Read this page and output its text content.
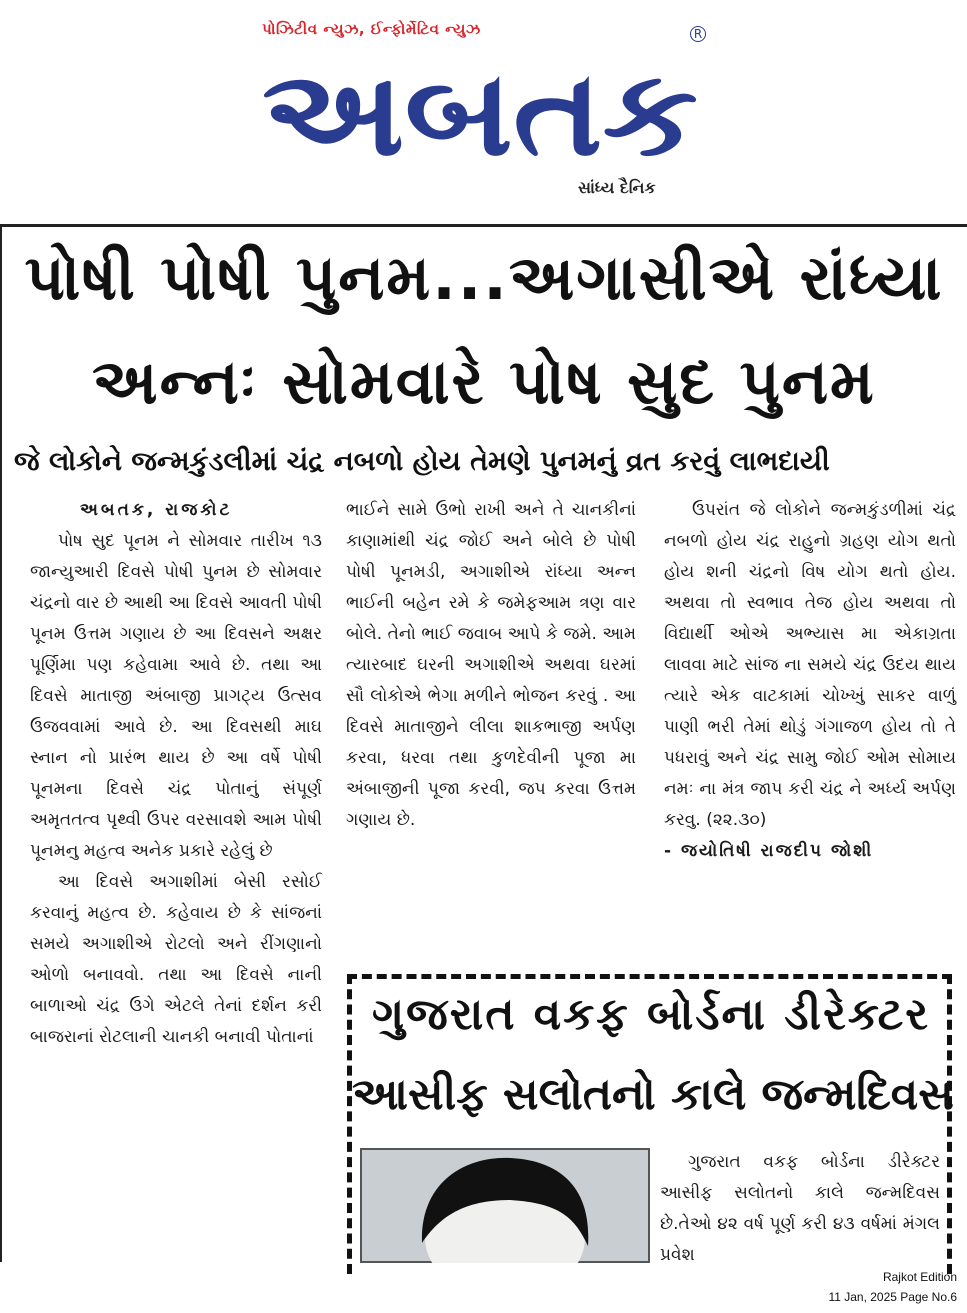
પોઝિટીવ ન્યુઝ, ઈન્ફોર્મેટિવ ન્યુઝ
અબતક
R
સાંધ્ય દૈનિક
પોષી પોષી પુનમ...અગાસીએ રાંધ્યા
અન્નઃ સોમવારે પોષ સુદ પુનમ
જે લોકોને જન્મકુંડલીમાં ચંદ્ર નબળો હોય તેમણે પુનમનું વ્રત કરવું લાભદાયી

અબતક, રાજકોટ

પોષ સુદ પૂનમ ને સોમવાર તારીખ ૧૩ જાન્યુઆરી દિવસે પોષી પુનમ છે સોમવાર ચંદ્રનો વાર છે આથી આ દિવસે આવતી પોષી પૂનમ ઉત્તમ ગણાય છે આ દિવસને અક્ષર પૂર્ણિમા પણ કહેવામા આવે છે. તથા આ દિવસે માતાજી અંબાજી પ્રાગટ્ય ઉત્સવ ઉજવવામાં આવે છે. આ દિવસથી માઘ સ્નાન નો પ્રારંભ થાય છે આ વર્ષે પોષી પૂનમના દિવસે ચંદ્ર પોતાનું સંપૂર્ણ અમૃતતત્વ પૃથ્વી ઉપર વરસાવશે આમ પોષી પૂનમનુ મહત્વ અનેક પ્રકારે રહેલું છે

આ દિવસે અગાશીમાં બેસી રસોઈ કરવાનું મહત્વ છે. કહેવાય છે કે સાંજનાં સમયે અગાશીએ રોટલો અને રીંગણાનો ઓળો બનાવવો. તથા આ દિવસે નાની બાળાઓ ચંદ્ર ઉગે એટલે તેનાં દર્શન કરી બાજરાનાં રોટલાની ચાનકી બનાવી પોતાનાં

ભાઈને સામે ઉભો રાખી અને તે ચાનકીનાં કાણામાંથી ચંદ્ર જોઈ અને બોલે છે પોષી પોષી પૂનમડી, અગાશીએ રાંધ્યા અન્ન ભાઈની બહેન રમે કે જમેફઆમ ત્રણ વાર બોલે. તેનો ભાઈ જવાબ આપે કે જમે. આમ ત્યારબાદ ઘરની અગાશીએ અથવા ઘરમાં સૌ લોકોએ ભેગા મળીને ભોજન કરવું . આ દિવસે માતાજીને લીલા શાકભાજી અર્પણ કરવા, ધરવા તથા કુળદેવીની પૂજા મા અંબાજીની પૂજા કરવી, જપ કરવા ઉત્તમ ગણાય છે.

ઉપરાંત જે લોકોને જન્મકુંડળીમાં ચંદ્ર નબળો હોય ચંદ્ર રાહુનો ગ્રહણ યોગ થતો હોય શની ચંદ્રનો વિષ યોગ થતો હોય. અથવા તો સ્વભાવ તેજ હોય અથવા તો વિદ્યાર્થી ઓએ અભ્યાસ મા એકાગ્રતા લાવવા માટે સાંજ ના સમયે ચંદ્ર ઉદય થાય ત્યારે એક વાટકામાં ચોખ્ખું સાકર વાળું પાણી ભરી તેમાં થોડું ગંગાજળ હોય તો તે પધરાવું અને ચંદ્ર સામુ જોઈ ઓમ સોમાય નમઃ ના મંત્ર જાપ કરી ચંદ્ર ને અર્ધ્ય અર્પણ કરવુ. (૨૨.૩૦)

- જયોતિષી રાજદીપ જોશી

ગુજરાત વકફ બોર્ડના ડીરેક્ટર
આસીફ સલોતનો કાલે જન્મદિવસ

ગુજરાત વકફ બોર્ડના ડીરેક્ટર આસીફ સલોતનો કાલે જન્મદિવસ છે.તેઓ ૪૨ વર્ષ પૂર્ણ કરી ૪૩ વર્ષમાં મંગલ પ્રવેશ

Rajkot Edition
11 Jan, 2025 Page No.6
